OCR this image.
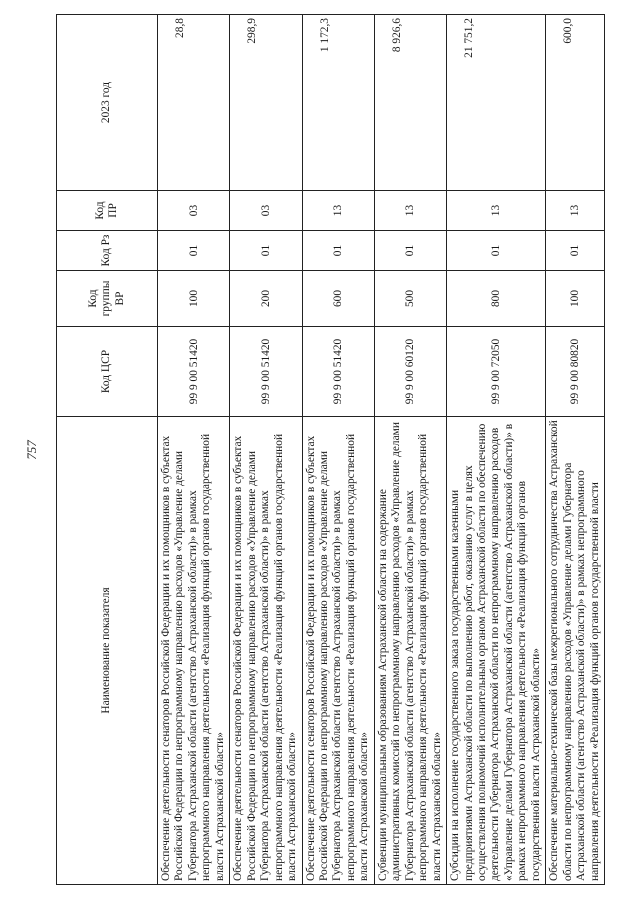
757
Наименование показателя	Код ЦСР	Код группы ВР	Код Рз	Код ПР	2023 год
Обеспечение деятельности сенаторов Российской Федерации и их помощников в субъектах Российской Федерации по непрограммному направлению расходов «Управление делами Губернатора Астраханской области (агентство Астраханской области)» в рамках непрограммного направления деятельности «Реализация функций органов государственной власти Астраханской области»	99 9 00 51420	100	01	03	28,8
Обеспечение деятельности сенаторов Российской Федерации и их помощников в субъектах Российской Федерации по непрограммному направлению расходов «Управление делами Губернатора Астраханской области (агентство Астраханской области)» в рамках непрограммного направления деятельности «Реализация функций органов государственной власти Астраханской области»	99 9 00 51420	200	01	03	298,9
Обеспечение деятельности сенаторов Российской Федерации и их помощников в субъектах Российской Федерации по непрограммному направлению расходов «Управление делами Губернатора Астраханской области (агентство Астраханской области)» в рамках непрограммного направления деятельности «Реализация функций органов государственной власти Астраханской области»	99 9 00 51420	600	01	13	1 172,3
Субвенции муниципальным образованиям Астраханской области на содержание административных комиссий по непрограммному направлению расходов «Управление делами Губернатора Астраханской области (агентство Астраханской области)» в рамках непрограммного направления деятельности «Реализация функций органов государственной власти Астраханской области»	99 9 00 60120	500	01	13	8 926,6
Субсидии на исполнение государственного заказа государственными казенными предприятиями Астраханской области по выполнению работ, оказанию услуг в целях осуществления полномочий исполнительным органом Астраханской области по обеспечению деятельности Губернатора Астраханской области по непрограммному направлению расходов «Управление делами Губернатора Астраханской области (агентство Астраханской области)» в рамках непрограммного направления деятельности «Реализация функций органов государственной власти Астраханской области»	99 9 00 72050	800	01	13	21 751,2
Обеспечение материально-технической базы межрегионального сотрудничества Астраханской области по непрограммному направлению расходов «Управление делами Губернатора Астраханской области (агентство Астраханской области)» в рамках непрограммного направления деятельности «Реализация функций органов государственной власти	99 9 00 80820	100	01	13	600,0
